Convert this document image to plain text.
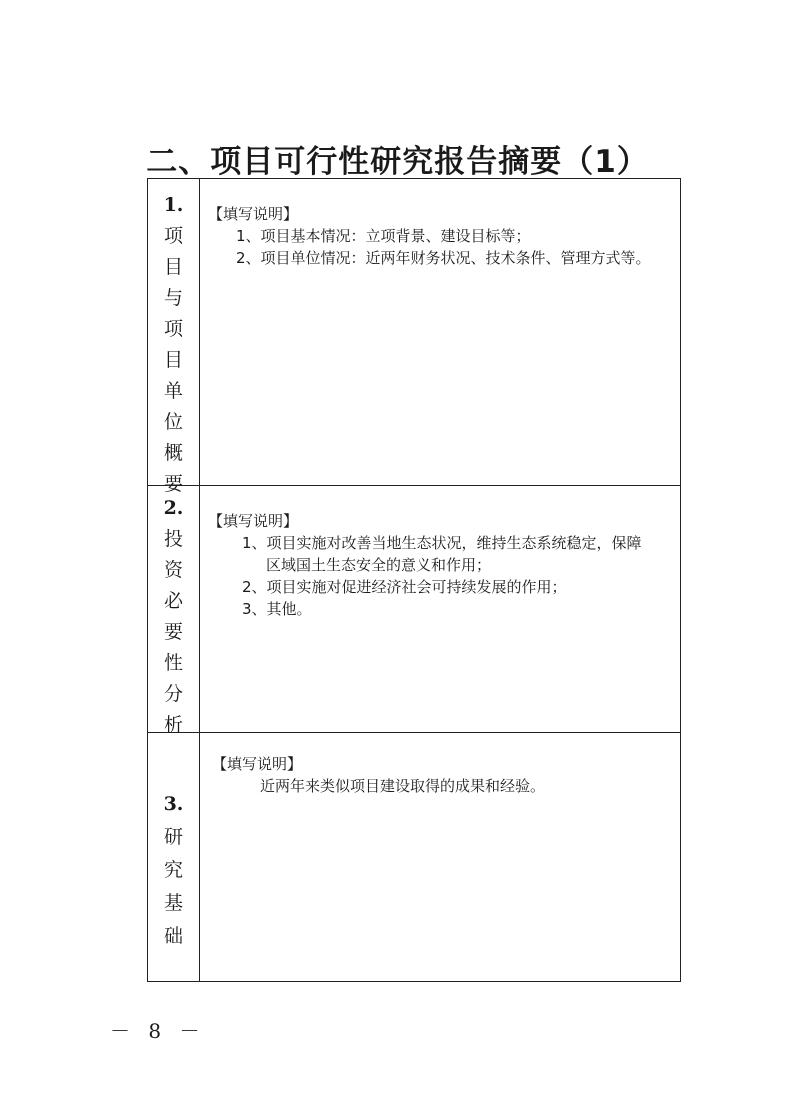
二、项目可行性研究报告摘要（1）
1.
项
目
与
项
目
单
位
概
要
【填写说明】
1、项目基本情况：立项背景、建设目标等；
2、项目单位情况：近两年财务状况、技术条件、管理方式等。
2.
投
资
必
要
性
分
析
【填写说明】
1、项目实施对改善当地生态状况，维持生态系统稳定，保障
区域国土生态安全的意义和作用；
2、项目实施对促进经济社会可持续发展的作用；
3、其他。
3.
研
究
基
础
【填写说明】
近两年来类似项目建设取得的成果和经验。
－ 8 －
